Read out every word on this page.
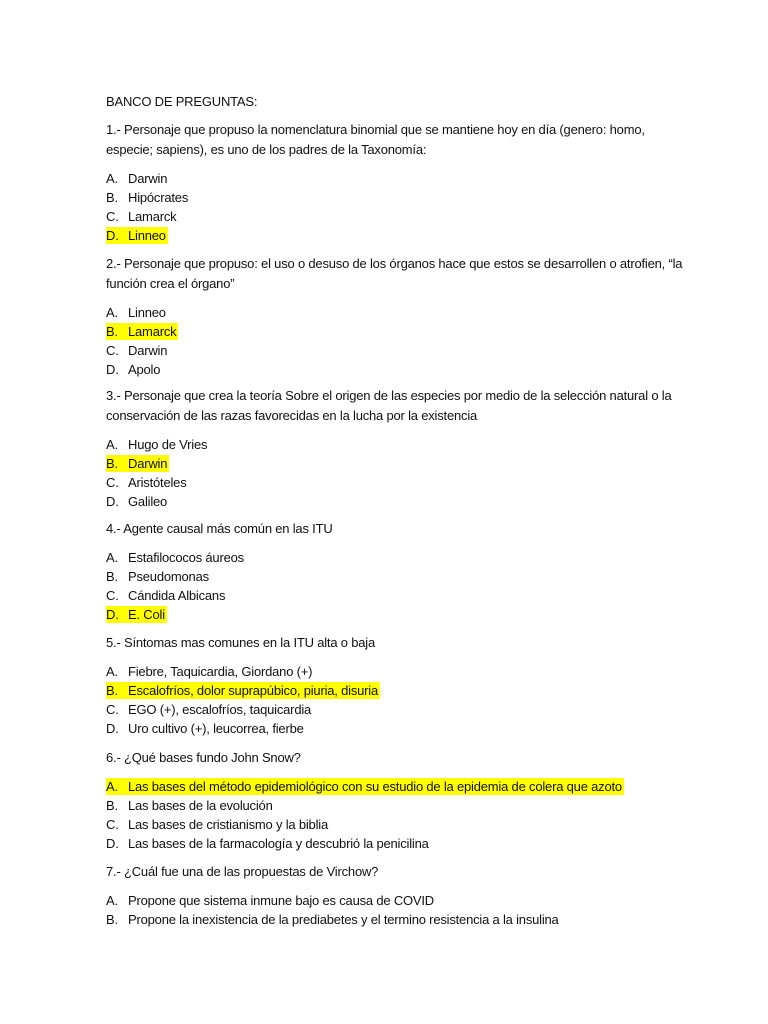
BANCO DE PREGUNTAS:

1.- Personaje que propuso la nomenclatura binomial que se mantiene hoy en día (genero: homo, especie; sapiens), es uno de los padres de la Taxonomía:

A. Darwin
B. Hipócrates
C. Lamarck
D. Linneo

2.- Personaje que propuso: el uso o desuso de los órganos hace que estos se desarrollen o atrofien, “la función crea el órgano”

A. Linneo
B. Lamarck
C. Darwin
D. Apolo

3.- Personaje que crea la teoría Sobre el origen de las especies por medio de la selección natural o la conservación de las razas favorecidas en la lucha por la existencia

A. Hugo de Vries
B. Darwin
C. Aristóteles
D. Galileo

4.- Agente causal más común en las ITU

A. Estafilococos áureos
B. Pseudomonas
C. Cándida Albicans
D. E. Coli

5.- Síntomas mas comunes en la ITU alta o baja

A. Fiebre, Taquicardia, Giordano (+)
B. Escalofríos, dolor suprapúbico, piuria, disuria
C. EGO (+), escalofríos, taquicardia
D. Uro cultivo (+), leucorrea, fierbe

6.- ¿Qué bases fundo John Snow?

A. Las bases del método epidemiológico con su estudio de la epidemia de colera que azoto
B. Las bases de la evolución
C. Las bases de cristianismo y la biblia
D. Las bases de la farmacología y descubrió la penicilina

7.- ¿Cuál fue una de las propuestas de Virchow?

A. Propone que sistema inmune bajo es causa de COVID
B. Propone la inexistencia de la prediabetes y el termino resistencia a la insulina
